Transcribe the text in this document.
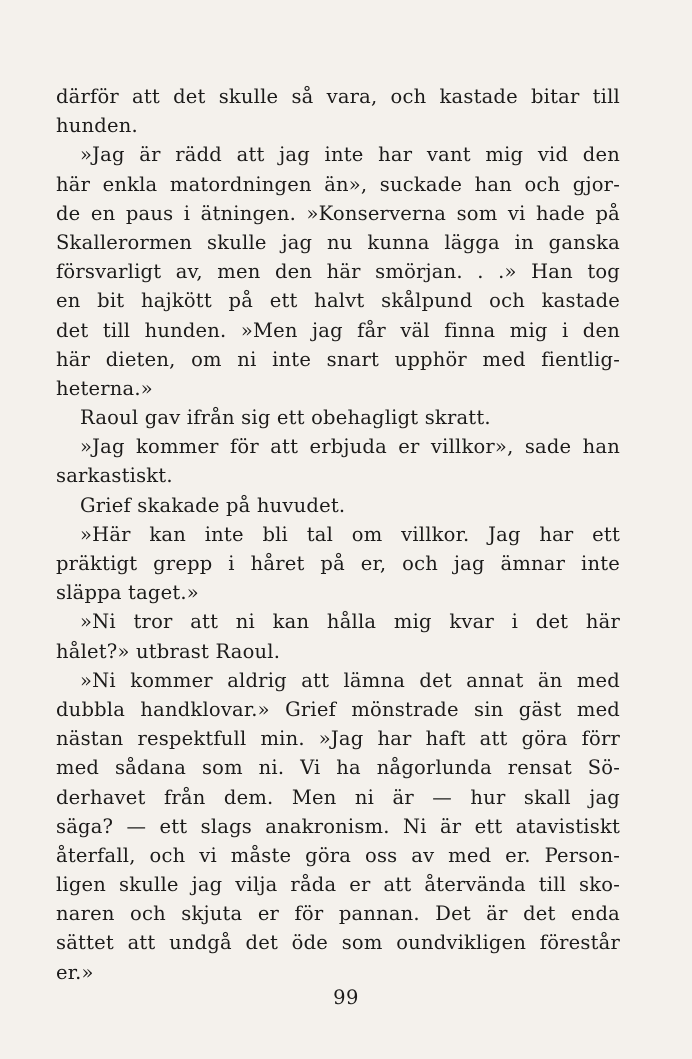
därför att det skulle så vara, och kastade bitar till
hunden.
»Jag är rädd att jag inte har vant mig vid den
här enkla matordningen än», suckade han och gjor-
de en paus i ätningen. »Konserverna som vi hade på
Skallerormen skulle jag nu kunna lägga in ganska
försvarligt av, men den här smörjan. . .» Han tog
en bit hajkött på ett halvt skålpund och kastade
det till hunden. »Men jag får väl finna mig i den
här dieten, om ni inte snart upphör med fientlig-
heterna.»
Raoul gav ifrån sig ett obehagligt skratt.
»Jag kommer för att erbjuda er villkor», sade han
sarkastiskt.
Grief skakade på huvudet.
»Här kan inte bli tal om villkor. Jag har ett
präktigt grepp i håret på er, och jag ämnar inte
släppa taget.»
»Ni tror att ni kan hålla mig kvar i det här
hålet?» utbrast Raoul.
»Ni kommer aldrig att lämna det annat än med
dubbla handklovar.» Grief mönstrade sin gäst med
nästan respektfull min. »Jag har haft att göra förr
med sådana som ni. Vi ha någorlunda rensat Sö-
derhavet från dem. Men ni är — hur skall jag
säga? — ett slags anakronism. Ni är ett atavistiskt
återfall, och vi måste göra oss av med er. Person-
ligen skulle jag vilja råda er att återvända till sko-
naren och skjuta er för pannan. Det är det enda
sättet att undgå det öde som oundvikligen förestår
er.»
99
